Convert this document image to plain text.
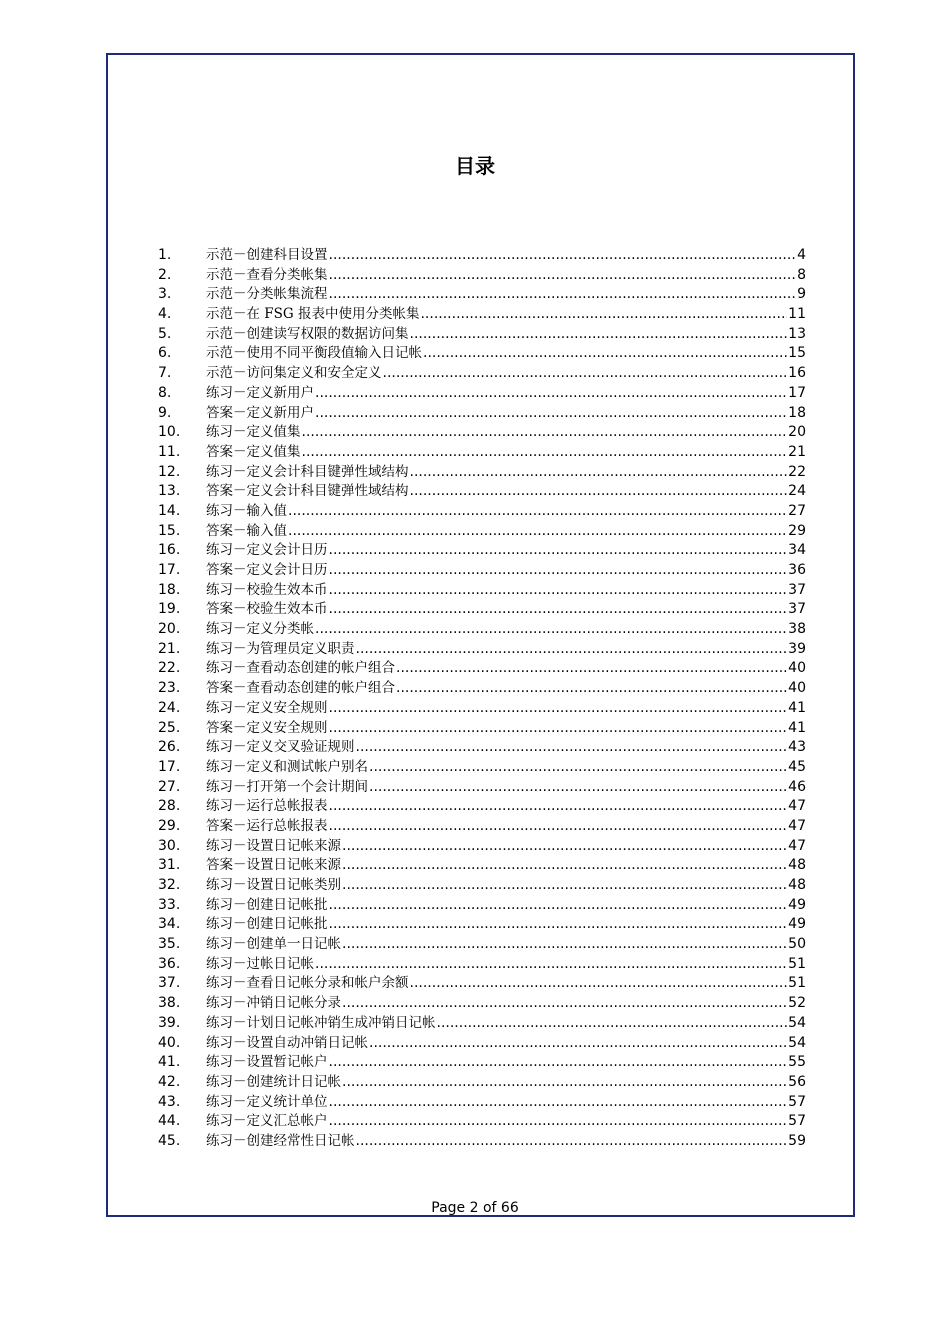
目录
1.	示范－创建科目设置 .....	4
2.	示范－查看分类帐集 .....	8
3.	示范－分类帐集流程 .....	9
4.	示范－在 FSG 报表中使用分类帐集 .....	11
5.	示范－创建读写权限的数据访问集 .....	13
6.	示范－使用不同平衡段值输入日记帐 .....	15
7.	示范－访问集定义和安全定义 .....	16
8.	练习－定义新用户 .....	17
9.	答案－定义新用户 .....	18
10.	练习－定义值集 .....	20
11.	答案－定义值集 .....	21
12.	练习－定义会计科目键弹性域结构 .....	22
13.	答案－定义会计科目键弹性域结构 .....	24
14.	练习－输入值 .....	27
15.	答案－输入值 .....	29
16.	练习－定义会计日历 .....	34
17.	答案－定义会计日历 .....	36
18.	练习－校验生效本币 .....	37
19.	答案－校验生效本币 .....	37
20.	练习－定义分类帐 .....	38
21.	练习－为管理员定义职责 .....	39
22.	练习－查看动态创建的帐户组合 .....	40
23.	答案－查看动态创建的帐户组合 .....	40
24.	练习－定义安全规则 .....	41
25.	答案－定义安全规则 .....	41
26.	练习－定义交叉验证规则 .....	43
17.	练习－定义和测试帐户别名 .....	45
27.	练习－打开第一个会计期间 .....	46
28.	练习－运行总帐报表 .....	47
29.	答案－运行总帐报表 .....	47
30.	练习－设置日记帐来源 .....	47
31.	答案－设置日记帐来源 .....	48
32.	练习－设置日记帐类别 .....	48
33.	练习－创建日记帐批 .....	49
34.	练习－创建日记帐批 .....	49
35.	练习－创建单一日记帐 .....	50
36.	练习－过帐日记帐 .....	51
37.	练习－查看日记帐分录和帐户余额 .....	51
38.	练习－冲销日记帐分录 .....	52
39.	练习－计划日记帐冲销生成冲销日记帐 .....	54
40.	练习－设置自动冲销日记帐 .....	54
41.	练习－设置暂记帐户 .....	55
42.	练习－创建统计日记帐 .....	56
43.	练习－定义统计单位 .....	57
44.	练习－定义汇总帐户 .....	57
45.	练习－创建经常性日记帐 .....	59
Page 2 of 66
